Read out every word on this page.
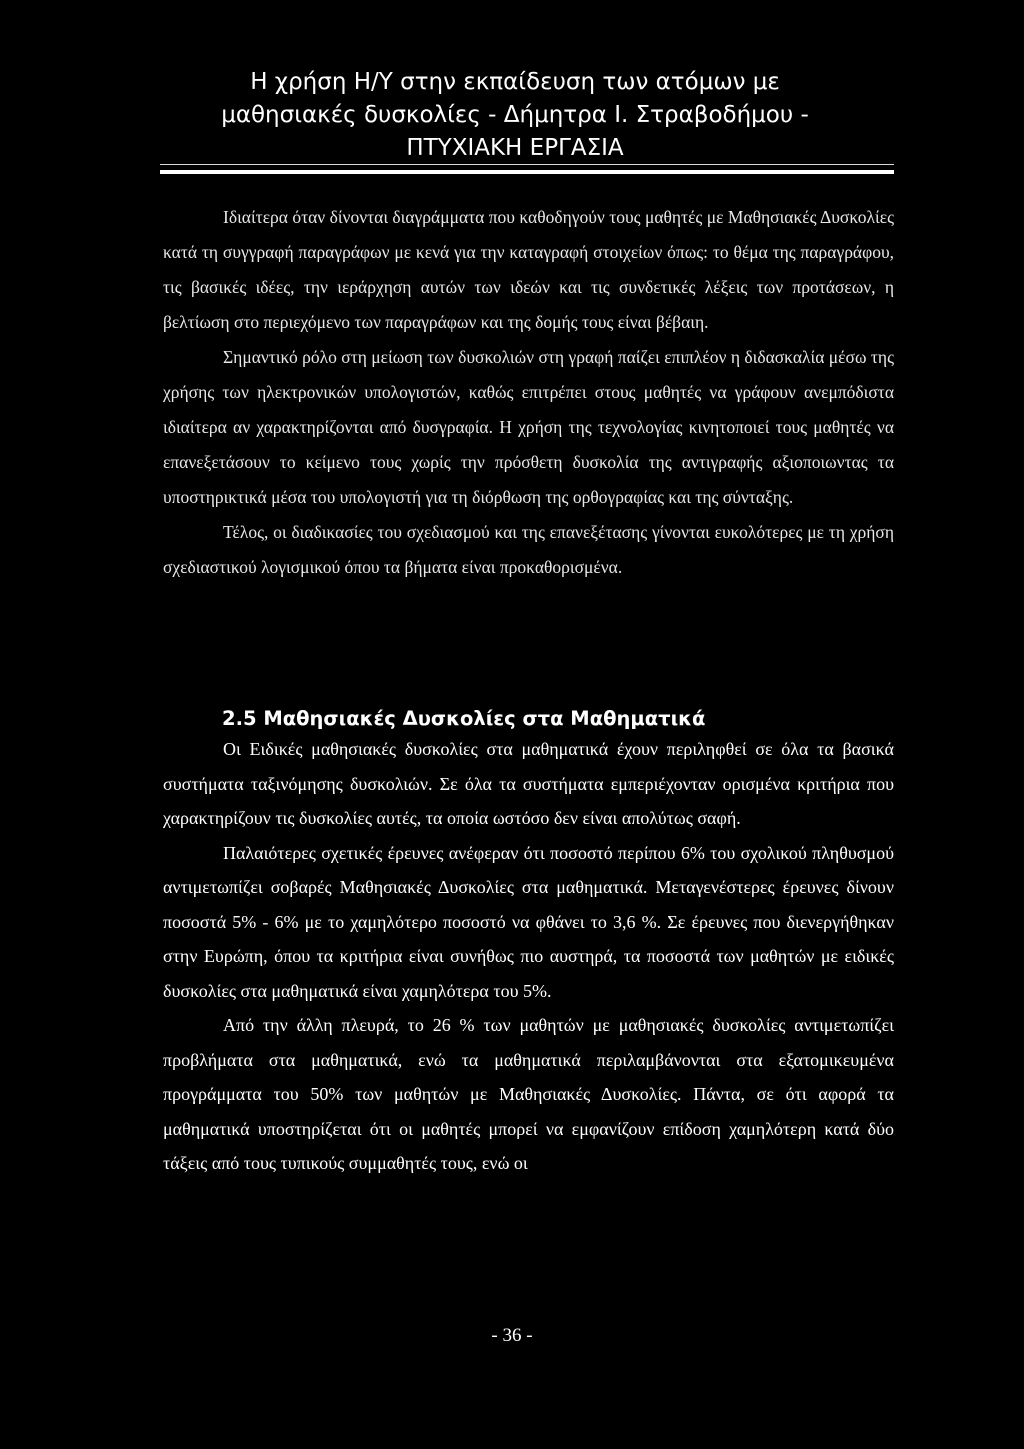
Η χρήση Η/Υ στην εκπαίδευση των ατόμων με
μαθησιακές δυσκολίες - Δήμητρα Ι. Στραβοδήμου -
ΠΤΥΧΙΑΚΗ ΕΡΓΑΣΙΑ

Ιδιαίτερα όταν δίνονται διαγράμματα που καθοδηγούν τους μαθητές με Μαθησιακές Δυσκολίες κατά τη συγγραφή παραγράφων με κενά για την καταγραφή στοιχείων όπως: το θέμα της παραγράφου, τις βασικές ιδέες, την ιεράρχηση αυτών των ιδεών και τις συνδετικές λέξεις των προτάσεων, η βελτίωση στο περιεχόμενο των παραγράφων και της δομής τους είναι βέβαιη.

Σημαντικό ρόλο στη μείωση των δυσκολιών στη γραφή παίζει επιπλέον η διδασκαλία μέσω της χρήσης των ηλεκτρονικών υπολογιστών, καθώς επιτρέπει στους μαθητές να γράφουν ανεμπόδιστα ιδιαίτερα αν χαρακτηρίζονται από δυσγραφία. Η χρήση της τεχνολογίας κινητοποιεί τους μαθητές να επανεξετάσουν το κείμενο τους χωρίς την πρόσθετη δυσκολία της αντιγραφής αξιοποιωντας τα υποστηρικτικά μέσα του υπολογιστή για τη διόρθωση της ορθογραφίας και της σύνταξης.

Τέλος, οι διαδικασίες του σχεδιασμού και της επανεξέτασης γίνονται ευκολότερες με τη χρήση σχεδιαστικού λογισμικού όπου τα βήματα είναι προκαθορισμένα.

2.5 Μαθησιακές Δυσκολίες στα Μαθηματικά

Οι Ειδικές μαθησιακές δυσκολίες στα μαθηματικά έχουν περιληφθεί σε όλα τα βασικά συστήματα ταξινόμησης δυσκολιών. Σε όλα τα συστήματα εμπεριέχονταν ορισμένα κριτήρια που χαρακτηρίζουν τις δυσκολίες αυτές, τα οποία ωστόσο δεν είναι απολύτως σαφή.

Παλαιότερες σχετικές έρευνες ανέφεραν ότι ποσοστό περίπου 6% του σχολικού πληθυσμού αντιμετωπίζει σοβαρές Μαθησιακές Δυσκολίες στα μαθηματικά. Μεταγενέστερες έρευνες δίνουν ποσοστά 5% - 6% με το χαμηλότερο ποσοστό να φθάνει το 3,6 %. Σε έρευνες που διενεργήθηκαν στην Ευρώπη, όπου τα κριτήρια είναι συνήθως πιο αυστηρά, τα ποσοστά των μαθητών με ειδικές δυσκολίες στα μαθηματικά είναι χαμηλότερα του 5%.

Από την άλλη πλευρά, το 26 % των μαθητών με μαθησιακές δυσκολίες αντιμετωπίζει προβλήματα στα μαθηματικά, ενώ τα μαθηματικά περιλαμβάνονται στα εξατομικευμένα προγράμματα του 50% των μαθητών με Μαθησιακές Δυσκολίες. Πάντα, σε ότι αφορά τα μαθηματικά υποστηρίζεται ότι οι μαθητές μπορεί να εμφανίζουν επίδοση χαμηλότερη κατά δύο τάξεις από τους τυπικούς συμμαθητές τους, ενώ οι

- 36 -
